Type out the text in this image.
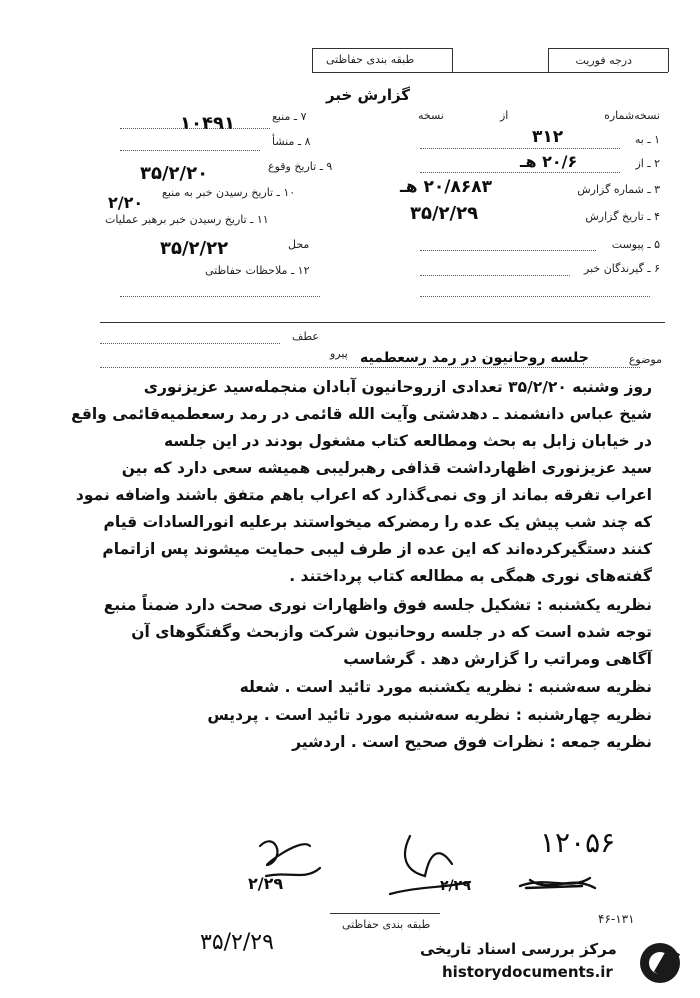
درجه فوریت
طبقه بندی حفاظتی
گزارش خبر
نسخه‌شماره
از
نسخه
۱ ـ به
۳۱۲
۲ ـ از
۲۰/۶ هـ
۳ ـ شماره گزارش
۲۰/۸۶۸۳ هـ
۴ ـ تاریخ گزارش
۳۵/۲/۲۹
۵ ـ پیوست
۶ ـ گیرندگان خبر
۷ ـ منبع
۱۰۴۹۱
۸ ـ منشأ
۹ ـ تاریخ وقوع
۳۵/۲/۲۰
۱۰ ـ تاریخ رسیدن خبر به منبع
۲/۲۰
۱۱ ـ تاریخ رسیدن خبر برهبر عملیات
محل
۳۵/۲/۲۲
۱۲ ـ ملاحظات حفاظتی
عطف
پیرو	موضوع
جلسه روحانیون در رمد رسعطمیه
روز وشنبه ۳۵/۲/۲۰ تعدادی ازروحانیون آبادان منجمله‌سید عزیزنوری
شیخ عباس دانشمند ـ دهدشتی وآیت الله قائمی در رمد رسعطمیه‌قائمی واقع
در خیابان زابل به بحث ومطالعه کتاب مشغول بودند در این جلسه
سید عزیزنوری اظهارداشت قذافی رهبرلیبی همیشه سعی دارد که بین
اعراب تفرقه بماند از وی ‌نمی‌گذارد که اعراب باهم متفق باشند واضافه نمود
که چند شب پیش یک عده را رمضرکه میخواستند برعلیه انورالسادات قیام
کنند دستگیرکرده‌اند که این عده از طرف لیبی حمایت میشوند پس ازاتمام
گفته‌های نوری همگی به مطالعه کتاب پرداختند .
نظریه یکشنبه : تشکیل جلسه فوق واظهارات نوری صحت دارد ضمناً منبع
توجه شده است که در جلسه روحانیون شرکت وازبحث وگفتگوهای آن
آگاهی ومراتب را گزارش دهد . گرشاسب
نظریه سه‌شنبه : نظریه یکشنبه مورد تائید است . شعله
نظریه چهارشنبه : نظریه سه‌شنبه مورد تائید است . پردیس
نظریه جمعه : نظرات فوق صحیح است . اردشیر
۱۲۰۵۶
۲/۲۹	۲/۲۹
طبقه بندی حفاظتی	۴۶-۱۳۱
۳۵/۲/۲۹	مرکز بررسی اسناد تاریخی
historydocuments.ir
